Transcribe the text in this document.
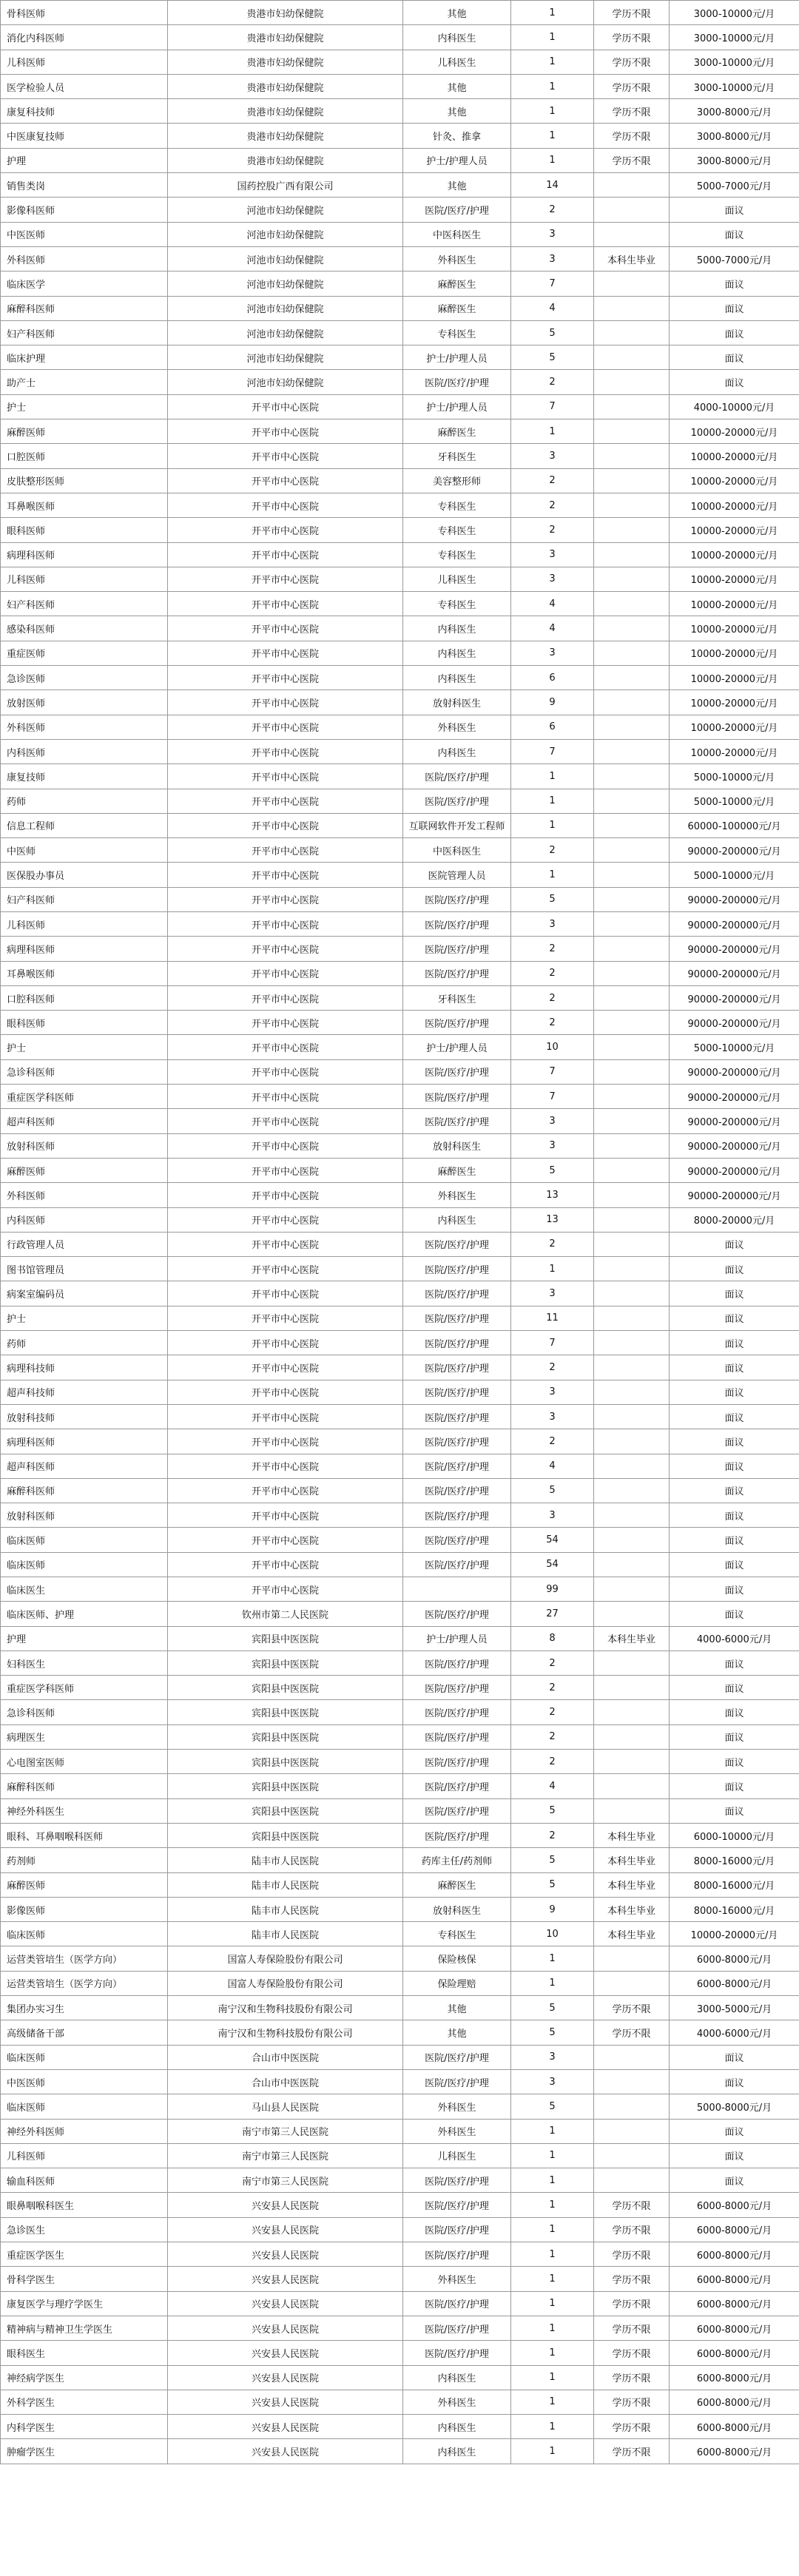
骨科医师	贵港市妇幼保健院	其他	1	学历不限	3000-10000元/月
消化内科医师	贵港市妇幼保健院	内科医生	1	学历不限	3000-10000元/月
儿科医师	贵港市妇幼保健院	儿科医生	1	学历不限	3000-10000元/月
医学检验人员	贵港市妇幼保健院	其他	1	学历不限	3000-10000元/月
康复科技师	贵港市妇幼保健院	其他	1	学历不限	3000-8000元/月
中医康复技师	贵港市妇幼保健院	针灸、推拿	1	学历不限	3000-8000元/月
护理	贵港市妇幼保健院	护士/护理人员	1	学历不限	3000-8000元/月
销售类岗	国药控股广西有限公司	其他	14		5000-7000元/月
影像科医师	河池市妇幼保健院	医院/医疗/护理	2		面议
中医医师	河池市妇幼保健院	中医科医生	3		面议
外科医师	河池市妇幼保健院	外科医生	3	本科生毕业	5000-7000元/月
临床医学	河池市妇幼保健院	麻醉医生	7		面议
麻醉科医师	河池市妇幼保健院	麻醉医生	4		面议
妇产科医师	河池市妇幼保健院	专科医生	5		面议
临床护理	河池市妇幼保健院	护士/护理人员	5		面议
助产士	河池市妇幼保健院	医院/医疗/护理	2		面议
护士	开平市中心医院	护士/护理人员	7		4000-10000元/月
麻醉医师	开平市中心医院	麻醉医生	1		10000-20000元/月
口腔医师	开平市中心医院	牙科医生	3		10000-20000元/月
皮肤整形医师	开平市中心医院	美容整形师	2		10000-20000元/月
耳鼻喉医师	开平市中心医院	专科医生	2		10000-20000元/月
眼科医师	开平市中心医院	专科医生	2		10000-20000元/月
病理科医师	开平市中心医院	专科医生	3		10000-20000元/月
儿科医师	开平市中心医院	儿科医生	3		10000-20000元/月
妇产科医师	开平市中心医院	专科医生	4		10000-20000元/月
感染科医师	开平市中心医院	内科医生	4		10000-20000元/月
重症医师	开平市中心医院	内科医生	3		10000-20000元/月
急诊医师	开平市中心医院	内科医生	6		10000-20000元/月
放射医师	开平市中心医院	放射科医生	9		10000-20000元/月
外科医师	开平市中心医院	外科医生	6		10000-20000元/月
内科医师	开平市中心医院	内科医生	7		10000-20000元/月
康复技师	开平市中心医院	医院/医疗/护理	1		5000-10000元/月
药师	开平市中心医院	医院/医疗/护理	1		5000-10000元/月
信息工程师	开平市中心医院	互联网软件开发工程师	1		60000-100000元/月
中医师	开平市中心医院	中医科医生	2		90000-200000元/月
医保股办事员	开平市中心医院	医院管理人员	1		5000-10000元/月
妇产科医师	开平市中心医院	医院/医疗/护理	5		90000-200000元/月
儿科医师	开平市中心医院	医院/医疗/护理	3		90000-200000元/月
病理科医师	开平市中心医院	医院/医疗/护理	2		90000-200000元/月
耳鼻喉医师	开平市中心医院	医院/医疗/护理	2		90000-200000元/月
口腔科医师	开平市中心医院	牙科医生	2		90000-200000元/月
眼科医师	开平市中心医院	医院/医疗/护理	2		90000-200000元/月
护士	开平市中心医院	护士/护理人员	10		5000-10000元/月
急诊科医师	开平市中心医院	医院/医疗/护理	7		90000-200000元/月
重症医学科医师	开平市中心医院	医院/医疗/护理	7		90000-200000元/月
超声科医师	开平市中心医院	医院/医疗/护理	3		90000-200000元/月
放射科医师	开平市中心医院	放射科医生	3		90000-200000元/月
麻醉医师	开平市中心医院	麻醉医生	5		90000-200000元/月
外科医师	开平市中心医院	外科医生	13		90000-200000元/月
内科医师	开平市中心医院	内科医生	13		8000-20000元/月
行政管理人员	开平市中心医院	医院/医疗/护理	2		面议
图书馆管理员	开平市中心医院	医院/医疗/护理	1		面议
病案室编码员	开平市中心医院	医院/医疗/护理	3		面议
护士	开平市中心医院	医院/医疗/护理	11		面议
药师	开平市中心医院	医院/医疗/护理	7		面议
病理科技师	开平市中心医院	医院/医疗/护理	2		面议
超声科技师	开平市中心医院	医院/医疗/护理	3		面议
放射科技师	开平市中心医院	医院/医疗/护理	3		面议
病理科医师	开平市中心医院	医院/医疗/护理	2		面议
超声科医师	开平市中心医院	医院/医疗/护理	4		面议
麻醉科医师	开平市中心医院	医院/医疗/护理	5		面议
放射科医师	开平市中心医院	医院/医疗/护理	3		面议
临床医师	开平市中心医院	医院/医疗/护理	54		面议
临床医师	开平市中心医院	医院/医疗/护理	54		面议
临床医生	开平市中心医院		99		面议
临床医师、护理	钦州市第二人民医院	医院/医疗/护理	27		面议
护理	宾阳县中医医院	护士/护理人员	8	本科生毕业	4000-6000元/月
妇科医生	宾阳县中医医院	医院/医疗/护理	2		面议
重症医学科医师	宾阳县中医医院	医院/医疗/护理	2		面议
急诊科医师	宾阳县中医医院	医院/医疗/护理	2		面议
病理医生	宾阳县中医医院	医院/医疗/护理	2		面议
心电图室医师	宾阳县中医医院	医院/医疗/护理	2		面议
麻醉科医师	宾阳县中医医院	医院/医疗/护理	4		面议
神经外科医生	宾阳县中医医院	医院/医疗/护理	5		面议
眼科、耳鼻咽喉科医师	宾阳县中医医院	医院/医疗/护理	2	本科生毕业	6000-10000元/月
药剂师	陆丰市人民医院	药库主任/药剂师	5	本科生毕业	8000-16000元/月
麻醉医师	陆丰市人民医院	麻醉医生	5	本科生毕业	8000-16000元/月
影像医师	陆丰市人民医院	放射科医生	9	本科生毕业	8000-16000元/月
临床医师	陆丰市人民医院	专科医生	10	本科生毕业	10000-20000元/月
运营类管培生（医学方向）	国富人寿保险股份有限公司	保险核保	1		6000-8000元/月
运营类管培生（医学方向）	国富人寿保险股份有限公司	保险理赔	1		6000-8000元/月
集团办实习生	南宁汉和生物科技股份有限公司	其他	5	学历不限	3000-5000元/月
高级储备干部	南宁汉和生物科技股份有限公司	其他	5	学历不限	4000-6000元/月
临床医师	合山市中医医院	医院/医疗/护理	3		面议
中医医师	合山市中医医院	医院/医疗/护理	3		面议
临床医师	马山县人民医院	外科医生	5		5000-8000元/月
神经外科医师	南宁市第三人民医院	外科医生	1		面议
儿科医师	南宁市第三人民医院	儿科医生	1		面议
输血科医师	南宁市第三人民医院	医院/医疗/护理	1		面议
眼鼻咽喉科医生	兴安县人民医院	医院/医疗/护理	1	学历不限	6000-8000元/月
急诊医生	兴安县人民医院	医院/医疗/护理	1	学历不限	6000-8000元/月
重症医学医生	兴安县人民医院	医院/医疗/护理	1	学历不限	6000-8000元/月
骨科学医生	兴安县人民医院	外科医生	1	学历不限	6000-8000元/月
康复医学与理疗学医生	兴安县人民医院	医院/医疗/护理	1	学历不限	6000-8000元/月
精神病与精神卫生学医生	兴安县人民医院	医院/医疗/护理	1	学历不限	6000-8000元/月
眼科医生	兴安县人民医院	医院/医疗/护理	1	学历不限	6000-8000元/月
神经病学医生	兴安县人民医院	内科医生	1	学历不限	6000-8000元/月
外科学医生	兴安县人民医院	外科医生	1	学历不限	6000-8000元/月
内科学医生	兴安县人民医院	内科医生	1	学历不限	6000-8000元/月
肿瘤学医生	兴安县人民医院	内科医生	1	学历不限	6000-8000元/月
